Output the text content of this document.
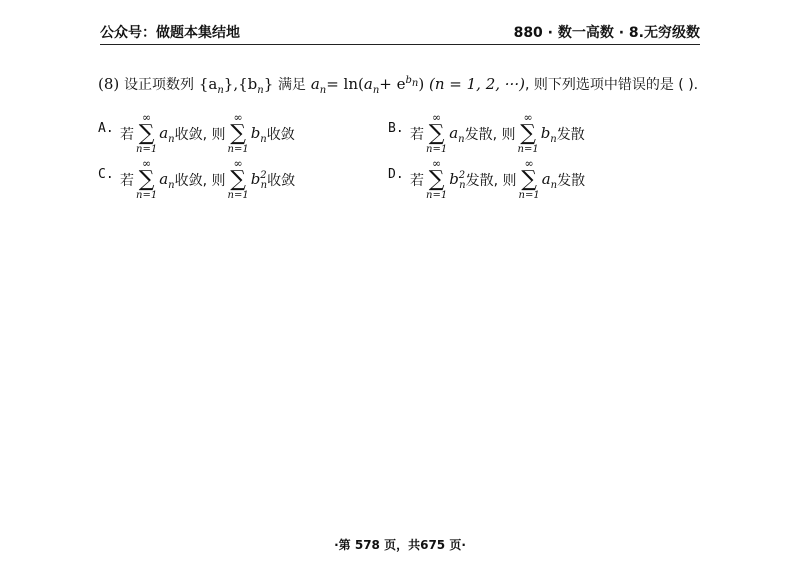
公众号：做题本集结地	880 · 数一高数 · 8.无穷级数
(8) 设正项数列 $\{a_n\},\{b_n\}$ 满足 $a_n= \ln(a_n+ e^{b_n}) (n = 1$, 2, ···), 则下列选项中错误的是 ( ).
A. 若
∞
∑
n=1
$a_n$ 收敛, 则
∞
∑
n=1
$b_n$ 收敛	B. 若
∞
∑
n=1
$a_n$ 发散, 则
∞
∑
n=1
$b_n$ 发散
C. 若
∞
∑
n=1
$a_n$ 收敛, 则
∞
∑
n=1
$b^2_n$ 收敛	D. 若
∞
∑
n=1
$b^2_n$ 发散, 则
∞
∑
n=1
$a_n$ 发散
·第 578 页，共675 页·
